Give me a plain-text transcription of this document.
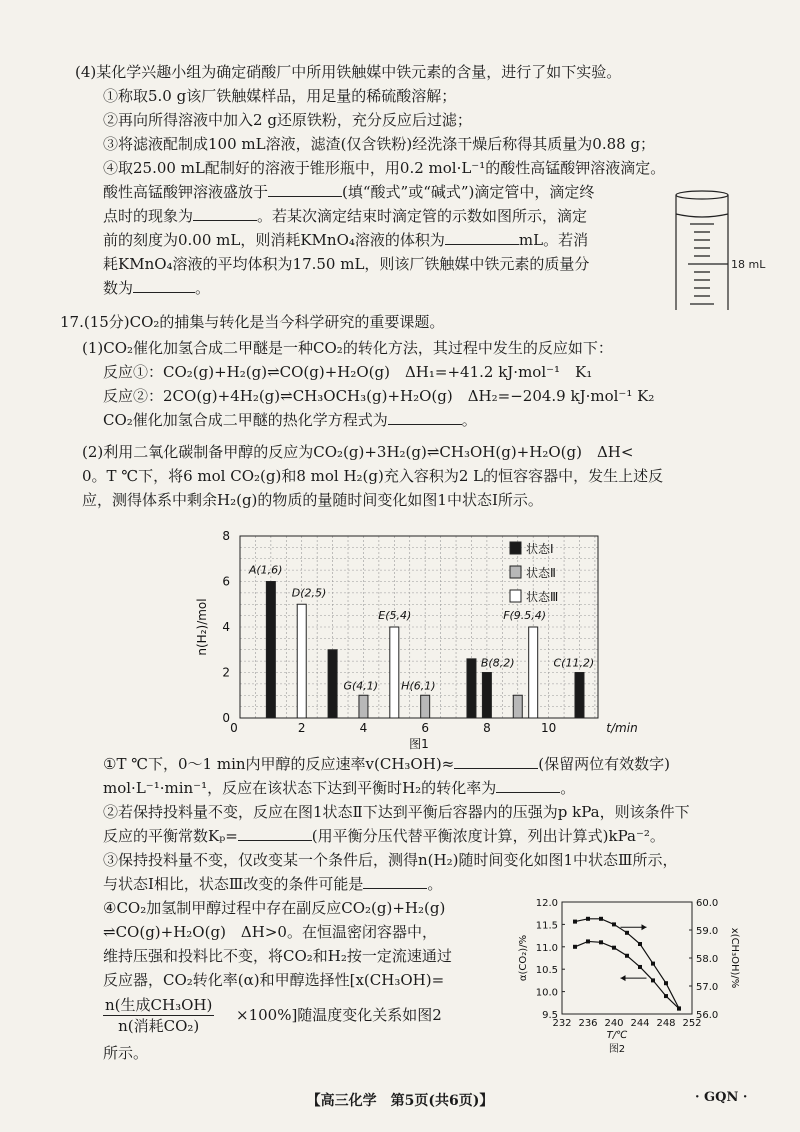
(4)某化学兴趣小组为确定硝酸厂中所用铁触媒中铁元素的含量，进行了如下实验。
①称取5.0 g该厂铁触媒样品，用足量的稀硫酸溶解；
②再向所得溶液中加入2 g还原铁粉，充分反应后过滤；
③将滤液配制成100 mL溶液，滤渣(仅含铁粉)经洗涤干燥后称得其质量为0.88 g；
④取25.00 mL配制好的溶液于锥形瓶中，用0.2 mol·L⁻¹的酸性高锰酸钾溶液滴定。
酸性高锰酸钾溶液盛放于	(填“酸式”或“碱式”)滴定管中，滴定终
点时的现象为	。若某次滴定结束时滴定管的示数如图所示，滴定
前的刻度为0.00 mL，则消耗KMnO₄溶液的体积为	mL。若消
耗KMnO₄溶液的平均体积为17.50 mL，则该厂铁触媒中铁元素的质量分
数为	。
18 mL
17.(15分)CO₂的捕集与转化是当今科学研究的重要课题。
(1)CO₂催化加氢合成二甲醚是一种CO₂的转化方法，其过程中发生的反应如下：
反应①：CO₂(g)+H₂(g)⇌CO(g)+H₂O(g)　ΔH₁=+41.2 kJ·mol⁻¹　K₁
反应②：2CO(g)+4H₂(g)⇌CH₃OCH₃(g)+H₂O(g)　ΔH₂=−204.9 kJ·mol⁻¹ K₂
CO₂催化加氢合成二甲醚的热化学方程式为	。
(2)利用二氧化碳制备甲醇的反应为CO₂(g)+3H₂(g)⇌CH₃OH(g)+H₂O(g)　ΔH<
0。T ℃下，将6 mol CO₂(g)和8 mol H₂(g)充入容积为2 L的恒容容器中，发生上述反
应，测得体系中剩余H₂(g)的物质的量随时间变化如图1中状态Ⅰ所示。
A(1,6)
D(2,5)
E(5,4)
G(4,1) H(6,1)
B(8,2)
F(9.5,4)
C(11,2)
0
2
4
6
8
2	4	6	8	10
0	t/min
n(H₂)/mol
图1
状态Ⅰ
状态Ⅱ
状态Ⅲ
①T ℃下，0～1 min内甲醇的反应速率v(CH₃OH)≈	(保留两位有效数字)
mol·L⁻¹·min⁻¹，反应在该状态下达到平衡时H₂的转化率为	。
②若保持投料量不变，反应在图1状态Ⅱ下达到平衡后容器内的压强为p kPa，则该条件下
反应的平衡常数Kₚ=	(用平衡分压代替平衡浓度计算，列出计算式)kPa⁻²。
③保持投料量不变，仅改变某一个条件后，测得n(H₂)随时间变化如图1中状态Ⅲ所示，
与状态Ⅰ相比，状态Ⅲ改变的条件可能是	。
④CO₂加氢制甲醇过程中存在副反应CO₂(g)+H₂(g)
⇌CO(g)+H₂O(g)　ΔH>0。在恒温密闭容器中，
维持压强和投料比不变，将CO₂和H₂按一定流速通过
反应器，CO₂转化率(α)和甲醇选择性[x(CH₃OH)=
n(生成CH₃OH)
n(消耗CO₂)
×100%]随温度变化关系如图2
所示。
9.5
10.0
10.5
11.0
11.5
12.0
56.0
57.0
58.0
59.0
60.0
232 236 240 244 248 252
T/℃
图2
α(CO₂)/%	x(CH₃OH)/%
【高三化学　第5页(共6页)】	· GQN ·
